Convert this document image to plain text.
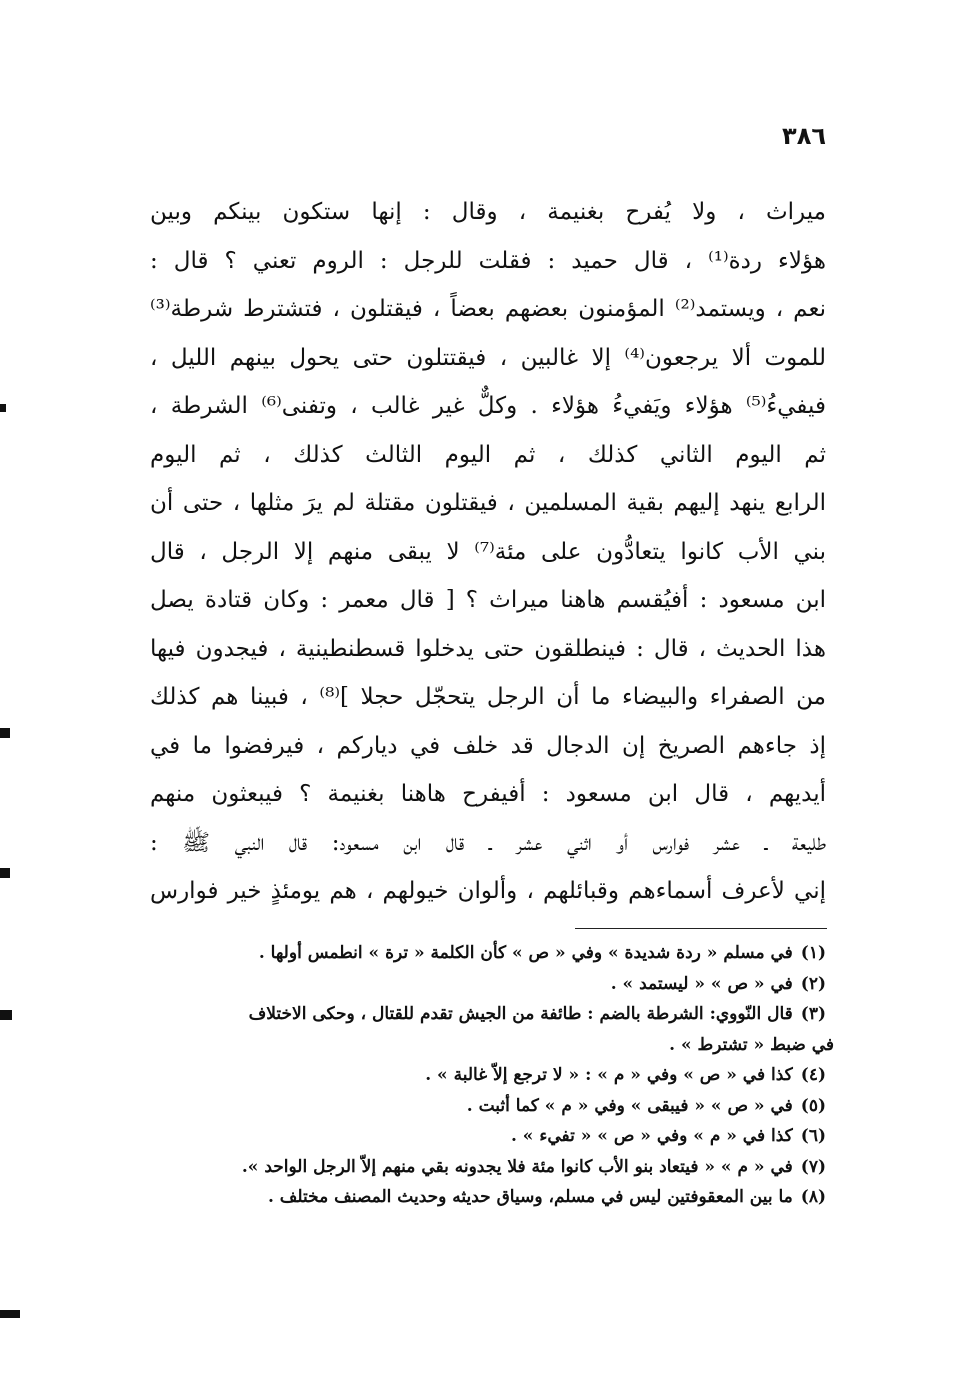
٣٨٦
ميراث ، ولا يُفرح بغنيمة ، وقال : إنها ستكون بينكم وبين
هؤلاء ردة⁽¹⁾ ، قال حميد : فقلت للرجل : الروم تعني ؟ قال :
نعم ، ويستمد⁽²⁾ المؤمنون بعضهم بعضاً ، فيقتلون ، فتشترط شرطة⁽³⁾
للموت ألا يرجعون⁽⁴⁾ إلا غالبين ، فيقتتلون حتى يحول بينهم الليل ،
فيفيءُ⁽⁵⁾ هؤلاء ويَفيءُ هؤلاء . وكلٌّ غير غالب ، وتفنى⁽⁶⁾ الشرطة ،
ثم اليوم الثاني كذلك ، ثم اليوم الثالث كذلك ، ثم اليوم
الرابع ينهد إليهم بقية المسلمين ، فيقتلون مقتلة لم يرَ مثلها ، حتى أن
بني الأب كانوا يتعادُّون على مئة⁽⁷⁾ لا يبقى منهم إلا الرجل ، قال
ابن مسعود : أفيُقسم هاهنا ميراث ؟ [ قال معمر : وكان قتادة يصل
هذا الحديث ، قال : فينطلقون حتى يدخلوا قسطنطينية ، فيجدون فيها
من الصفراء والبيضاء ما أن الرجل يتحجّل حجلا ]⁽⁸⁾ ، فبينا هم كذلك
إذ جاءهم الصريخ إن الدجال قد خلف في دياركم ، فيرفضوا ما في
أيديهم ، قال ابن مسعود : أفيفرح هاهنا بغنيمة ؟ فيبعثون منهم
طليعة ـ عشر فوارس أو اثني عشر ـ قال ابن مسعود: قال النبي ﷺ :
إني لأعرف أسماءهم وقبائلهم ، وألوان خيولهم ، هم يومئذٍ خير فوارس
(١)في مسلم « ردة شديدة » وفي « ص » كأن الكلمة « ترة » انطمس أولها .
(٢)في « ص » « ليستمد » .
(٣)قال النّووي: الشرطة بالضم : طائفة من الجيش تقدم للقتال ، وحكى الاختلاف
في ضبط « تشترط » .
(٤)كذا في « ص » وفي « م » : « لا ترجع إلاّ غالبة » .
(٥)في « ص » « فيبقى » وفي « م » كما أثبت .
(٦)كذا في « م » وفي « ص » « تفيء » .
(٧)في « م » « فيتعاد بنو الأب كانوا مئة فلا يجدونه بقي منهم إلاّ الرجل الواحد ».
(٨)ما بين المعقوفتين ليس في مسلم، وسياق حديثه وحديث المصنف مختلف .
